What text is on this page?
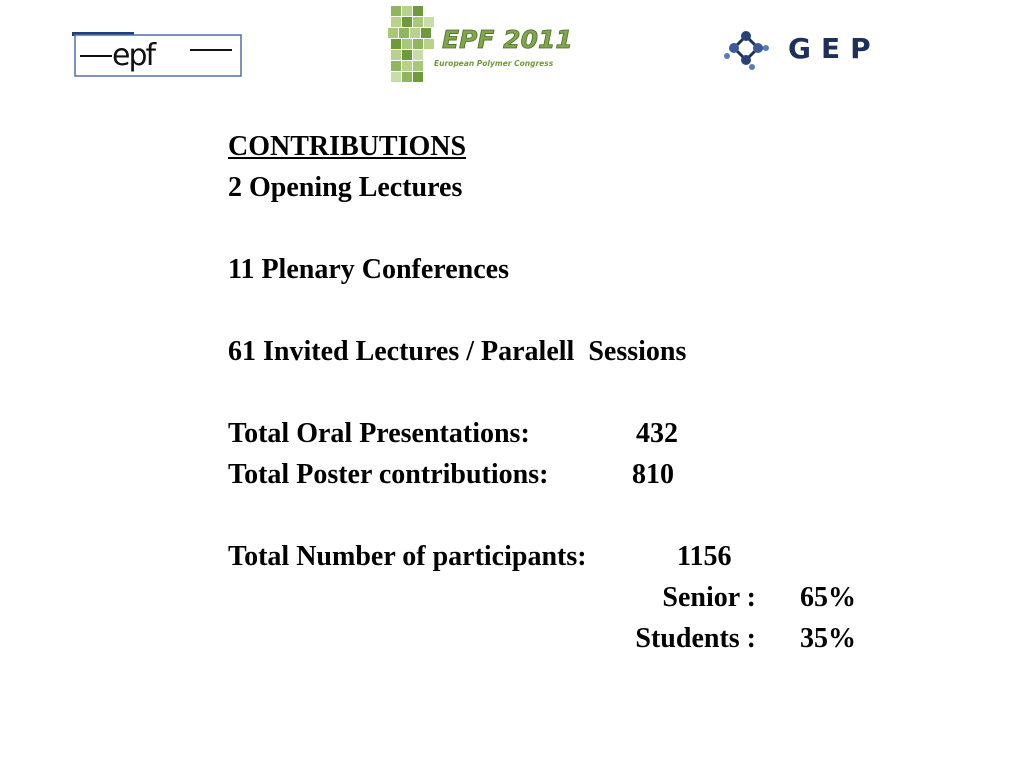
epf	EPF 2011
European Polymer Congress	GEP
CONTRIBUTIONS
2 Opening Lectures
11 Plenary Conferences
61 Invited Lectures / Paralell  Sessions
Total Oral Presentations:	432
Total Poster contributions:	810
Total Number of participants:	1156
Senior : 65%
Students : 35%
